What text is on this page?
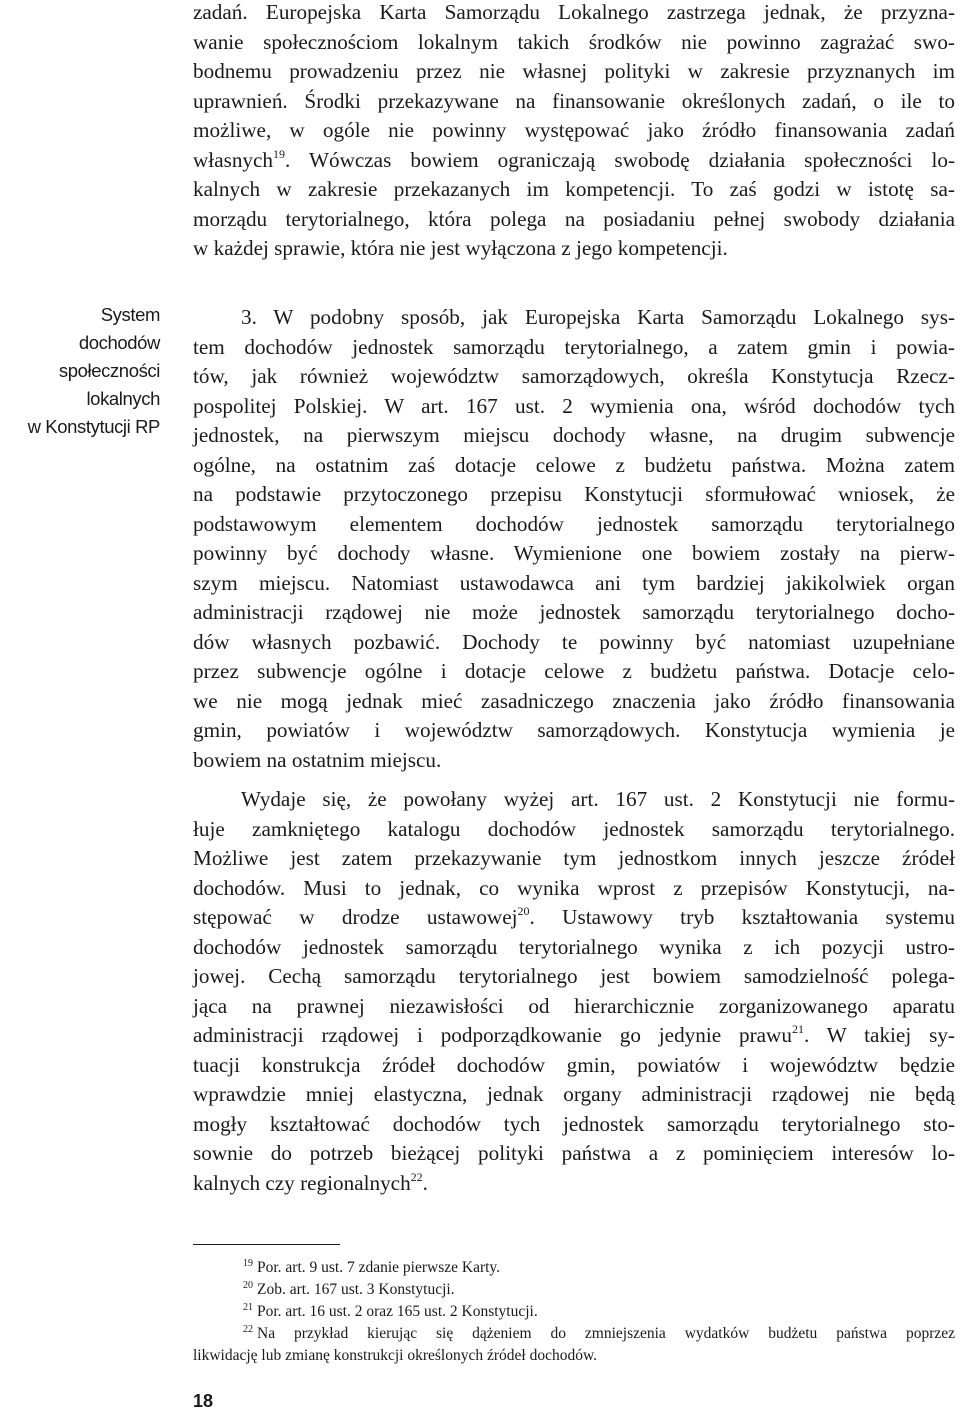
zadań. Europejska Karta Samorządu Lokalnego zastrzega jednak, że przyzna-
wanie społecznościom lokalnym takich środków nie powinno zagrażać swo-
bodnemu prowadzeniu przez nie własnej polityki w zakresie przyznanych im
uprawnień. Środki przekazywane na finansowanie określonych zadań, o ile to
możliwe, w ogóle nie powinny występować jako źródło finansowania zadań
własnych$^{19}$. Wówczas bowiem ograniczają swobodę działania społeczności lo-
kalnych w zakresie przekazanych im kompetencji. To zaś godzi w istotę sa-
morządu terytorialnego, która polega na posiadaniu pełnej swobody działania
w każdej sprawie, która nie jest wyłączona z jego kompetencji.
System
dochodów
społeczności
lokalnych
w Konstytucji RP
3. W podobny sposób, jak Europejska Karta Samorządu Lokalnego sys-
tem dochodów jednostek samorządu terytorialnego, a zatem gmin i powia-
tów, jak również województw samorządowych, określa Konstytucja Rzecz-
pospolitej Polskiej. W art. 167 ust. 2 wymienia ona, wśród dochodów tych
jednostek, na pierwszym miejscu dochody własne, na drugim subwencje
ogólne, na ostatnim zaś dotacje celowe z budżetu państwa. Można zatem
na podstawie przytoczonego przepisu Konstytucji sformułować wniosek, że
podstawowym elementem dochodów jednostek samorządu terytorialnego
powinny być dochody własne. Wymienione one bowiem zostały na pierw-
szym miejscu. Natomiast ustawodawca ani tym bardziej jakikolwiek organ
administracji rządowej nie może jednostek samorządu terytorialnego docho-
dów własnych pozbawić. Dochody te powinny być natomiast uzupełniane
przez subwencje ogólne i dotacje celowe z budżetu państwa. Dotacje celo-
we nie mogą jednak mieć zasadniczego znaczenia jako źródło finansowania
gmin, powiatów i województw samorządowych. Konstytucja wymienia je
bowiem na ostatnim miejscu.
Wydaje się, że powołany wyżej art. 167 ust. 2 Konstytucji nie formu-
łuje zamkniętego katalogu dochodów jednostek samorządu terytorialnego.
Możliwe jest zatem przekazywanie tym jednostkom innych jeszcze źródeł
dochodów. Musi to jednak, co wynika wprost z przepisów Konstytucji, na-
stępować w drodze ustawowej$^{20}$. Ustawowy tryb kształtowania systemu
dochodów jednostek samorządu terytorialnego wynika z ich pozycji ustro-
jowej. Cechą samorządu terytorialnego jest bowiem samodzielność polega-
jąca na prawnej niezawisłości od hierarchicznie zorganizowanego aparatu
administracji rządowej i podporządkowanie go jedynie prawu$^{21}$. W takiej sy-
tuacji konstrukcja źródeł dochodów gmin, powiatów i województw będzie
wprawdzie mniej elastyczna, jednak organy administracji rządowej nie będą
mogły kształtować dochodów tych jednostek samorządu terytorialnego sto-
sownie do potrzeb bieżącej polityki państwa a z pominięciem interesów lo-
kalnych czy regionalnych$^{22}$.
$^{19}$ Por. art. 9 ust. 7 zdanie pierwsze Karty.
$^{20}$ Zob. art. 167 ust. 3 Konstytucji.
$^{21}$ Por. art. 16 ust. 2 oraz 165 ust. 2 Konstytucji.
$^{22}$ Na przykład kierując się dążeniem do zmniejszenia wydatków budżetu państwa poprzez
likwidację lub zmianę konstrukcji określonych źródeł dochodów.
18
